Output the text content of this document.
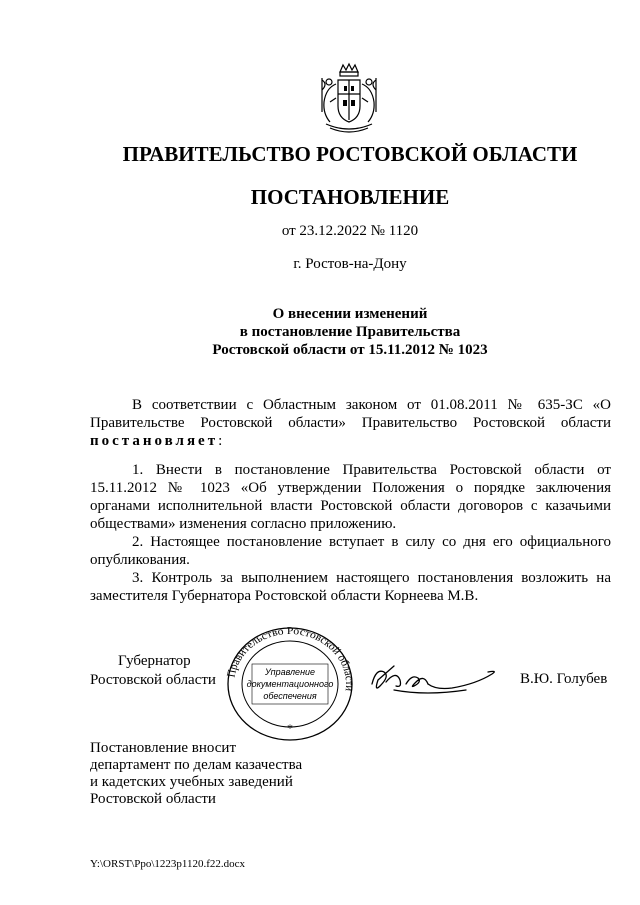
ПРАВИТЕЛЬСТВО РОСТОВСКОЙ ОБЛАСТИ
ПОСТАНОВЛЕНИЕ
от 23.12.2022 № 1120
г. Ростов-на-Дону
О внесении изменений
в постановление Правительства
Ростовской области от 15.11.2012 № 1023

В соответствии с Областным законом от 01.08.2011 № 635-ЗС «О Правительстве Ростовской области» Правительство Ростовской области постановляет:

1. Внести в постановление Правительства Ростовской области от 15.11.2012 № 1023 «Об утверждении Положения о порядке заключения органами исполнительной власти Ростовской области договоров с казачьими обществами» изменения согласно приложению.

2. Настоящее постановление вступает в силу со дня его официального опубликования.

3. Контроль за выполнением настоящего постановления возложить на заместителя Губернатора Ростовской области Корнеева М.В.

Губернатор
Ростовской области Правительство Ростовской области
Управление
документационного
обеспечения
*
В.Ю. Голубев
Постановление вносит
департамент по делам казачества
и кадетских учебных заведений
Ростовской области
Y:\ORST\Ppo\1223p1120.f22.docx
